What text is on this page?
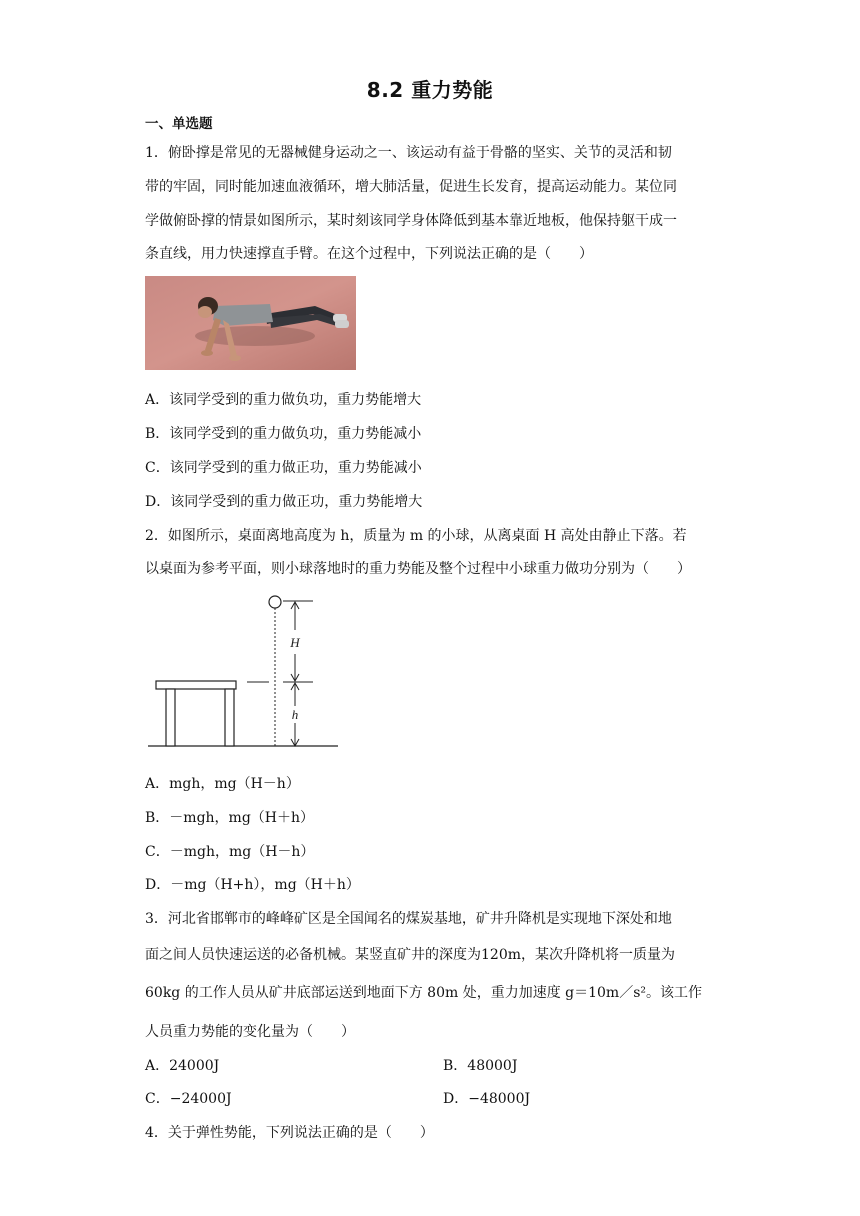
8.2 重力势能
一、单选题
1．俯卧撑是常见的无器械健身运动之一、该运动有益于骨骼的坚实、关节的灵活和韧
带的牢固，同时能加速血液循环，增大肺活量，促进生长发育，提高运动能力。某位同
学做俯卧撑的情景如图所示，某时刻该同学身体降低到基本靠近地板，他保持躯干成一
条直线，用力快速撑直手臂。在这个过程中，下列说法正确的是（　　）
A．该同学受到的重力做负功，重力势能增大
B．该同学受到的重力做负功，重力势能减小
C．该同学受到的重力做正功，重力势能减小
D．该同学受到的重力做正功，重力势能增大
2．如图所示，桌面离地高度为 h，质量为 m 的小球，从离桌面 H 高处由静止下落。若
以桌面为参考平面，则小球落地时的重力势能及整个过程中小球重力做功分别为（　　）
H
h
A．mgh，mg（H－h）
B．－mgh，mg（H＋h）
C．－mgh，mg（H－h）
D．－mg（H+h），mg（H＋h）
3．河北省邯郸市的峰峰矿区是全国闻名的煤炭基地，矿井升降机是实现地下深处和地
面之间人员快速运送的必备机械。某竖直矿井的深度为120m，某次升降机将一质量为
60kg 的工作人员从矿井底部运送到地面下方 80m 处，重力加速度 g＝10m／s²。该工作
人员重力势能的变化量为（　　）
A．24000J	B．48000J
C．−24000J	D．−48000J
4．关于弹性势能，下列说法正确的是（　　）
